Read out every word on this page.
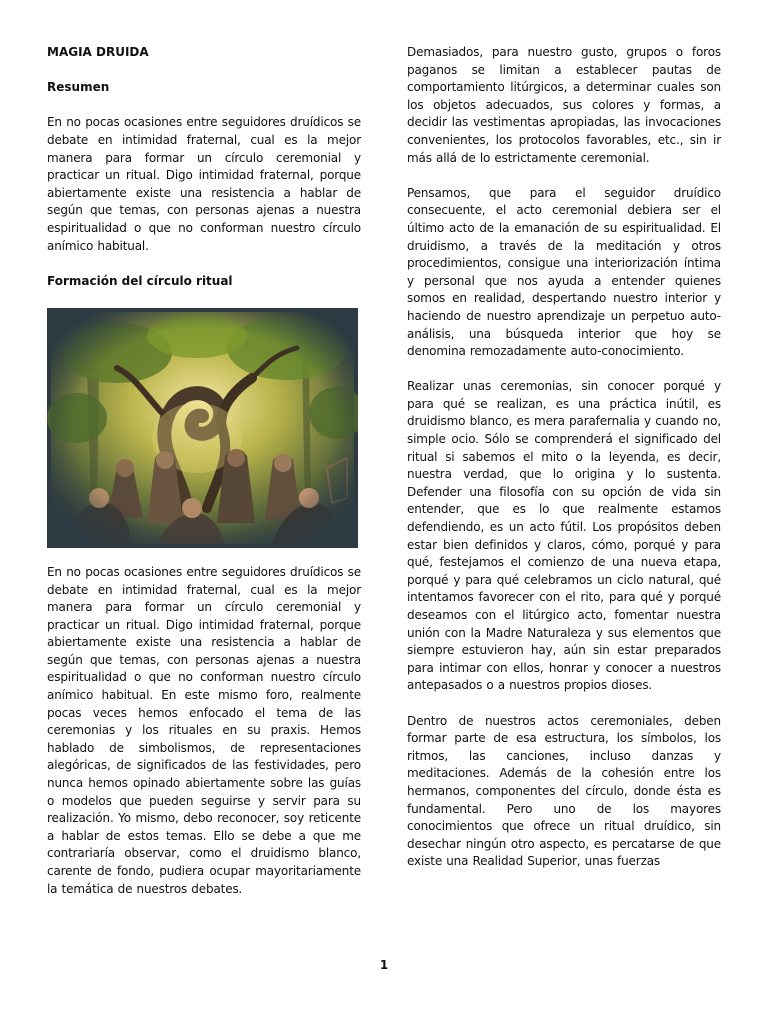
MAGIA DRUIDA
Resumen

En no pocas ocasiones entre seguidores druídicos se debate en intimidad fraternal, cual es la mejor manera para formar un círculo ceremonial y practicar un ritual. Digo intimidad fraternal, porque abiertamente existe una resistencia a hablar de según que temas, con personas ajenas a nuestra espiritualidad o que no conforman nuestro círculo anímico habitual.

Formación del círculo ritual

En no pocas ocasiones entre seguidores druídicos se debate en intimidad fraternal, cual es la mejor manera para formar un círculo ceremonial y practicar un ritual. Digo intimidad fraternal, porque abiertamente existe una resistencia a hablar de según que temas, con personas ajenas a nuestra espiritualidad o que no conforman nuestro círculo anímico habitual. En este mismo foro, realmente pocas veces hemos enfocado el tema de las ceremonias y los rituales en su praxis. Hemos hablado de simbolismos, de representaciones alegóricas, de significados de las festividades, pero nunca hemos opinado abiertamente sobre las guías o modelos que pueden seguirse y servir para su realización. Yo mismo, debo reconocer, soy reticente a hablar de estos temas. Ello se debe a que me contrariaría observar, como el druidismo blanco, carente de fondo, pudiera ocupar mayoritariamente la temática de nuestros debates.

Demasiados, para nuestro gusto, grupos o foros paganos se limitan a establecer pautas de comportamiento litúrgicos, a determinar cuales son los objetos adecuados, sus colores y formas, a decidir las vestimentas apropiadas, las invocaciones convenientes, los protocolos favorables, etc., sin ir más allá de lo estrictamente ceremonial.

Pensamos, que para el seguidor druídico consecuente, el acto ceremonial debiera ser el último acto de la emanación de su espiritualidad. El druidismo, a través de la meditación y otros procedimientos, consigue una interiorización íntima y personal que nos ayuda a entender quienes somos en realidad, despertando nuestro interior y haciendo de nuestro aprendizaje un perpetuo auto-análisis, una búsqueda interior que hoy se denomina remozadamente auto-conocimiento.

Realizar unas ceremonias, sin conocer porqué y para qué se realizan, es una práctica inútil, es druidismo blanco, es mera parafernalia y cuando no, simple ocio. Sólo se comprenderá el significado del ritual si sabemos el mito o la leyenda, es decir, nuestra verdad, que lo origina y lo sustenta. Defender una filosofía con su opción de vida sin entender, que es lo que realmente estamos defendiendo, es un acto fútil. Los propósitos deben estar bien definidos y claros, cómo, porqué y para qué, festejamos el comienzo de una nueva etapa, porqué y para qué celebramos un ciclo natural, qué intentamos favorecer con el rito, para qué y porqué deseamos con el litúrgico acto, fomentar nuestra unión con la Madre Naturaleza y sus elementos que siempre estuvieron hay, aún sin estar preparados para intimar con ellos, honrar y conocer a nuestros antepasados o a nuestros propios dioses.

Dentro de nuestros actos ceremoniales, deben formar parte de esa estructura, los símbolos, los ritmos, las canciones, incluso danzas y meditaciones. Además de la cohesión entre los hermanos, componentes del círculo, donde ésta es fundamental. Pero uno de los mayores conocimientos que ofrece un ritual druídico, sin desechar ningún otro aspecto, es percatarse de que existe una Realidad Superior, unas fuerzas

1
